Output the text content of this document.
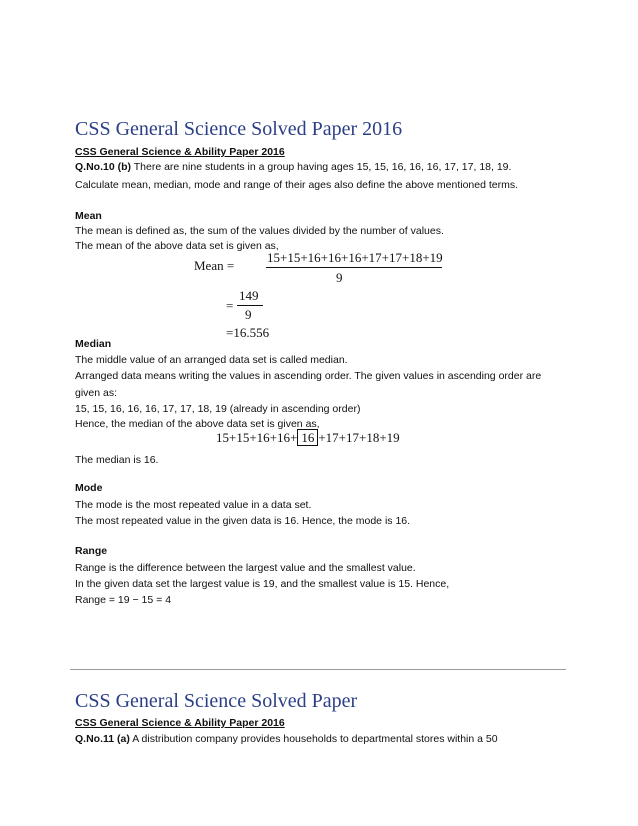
CSS General Science Solved Paper 2016
CSS General Science & Ability Paper 2016
Q.No.10 (b) There are nine students in a group having ages 15, 15, 16, 16, 16, 17, 17, 18, 19.
Calculate mean, median, mode and range of their ages also define the above mentioned terms.
Mean
The mean is defined as, the sum of the values divided by the number of values.
The mean of the above data set is given as,
Mean =
15+15+16+16+16+17+17+18+19
9
=
149
9
=16.556
Median
The middle value of an arranged data set is called median.
Arranged data means writing the values in ascending order. The given values in ascending order are
given as:
15, 15, 16, 16, 16, 17, 17, 18, 19 (already in ascending order)
Hence, the median of the above data set is given as,
15+15+16+16+ 16 +17+17+18+19
The median is 16.
Mode
The mode is the most repeated value in a data set.
The most repeated value in the given data is 16. Hence, the mode is 16.
Range
Range is the difference between the largest value and the smallest value.
In the given data set the largest value is 19, and the smallest value is 15. Hence,
Range = 19 − 15 = 4
CSS General Science Solved Paper
CSS General Science & Ability Paper 2016
Q.No.11 (a) A distribution company provides households to departmental stores within a 50
